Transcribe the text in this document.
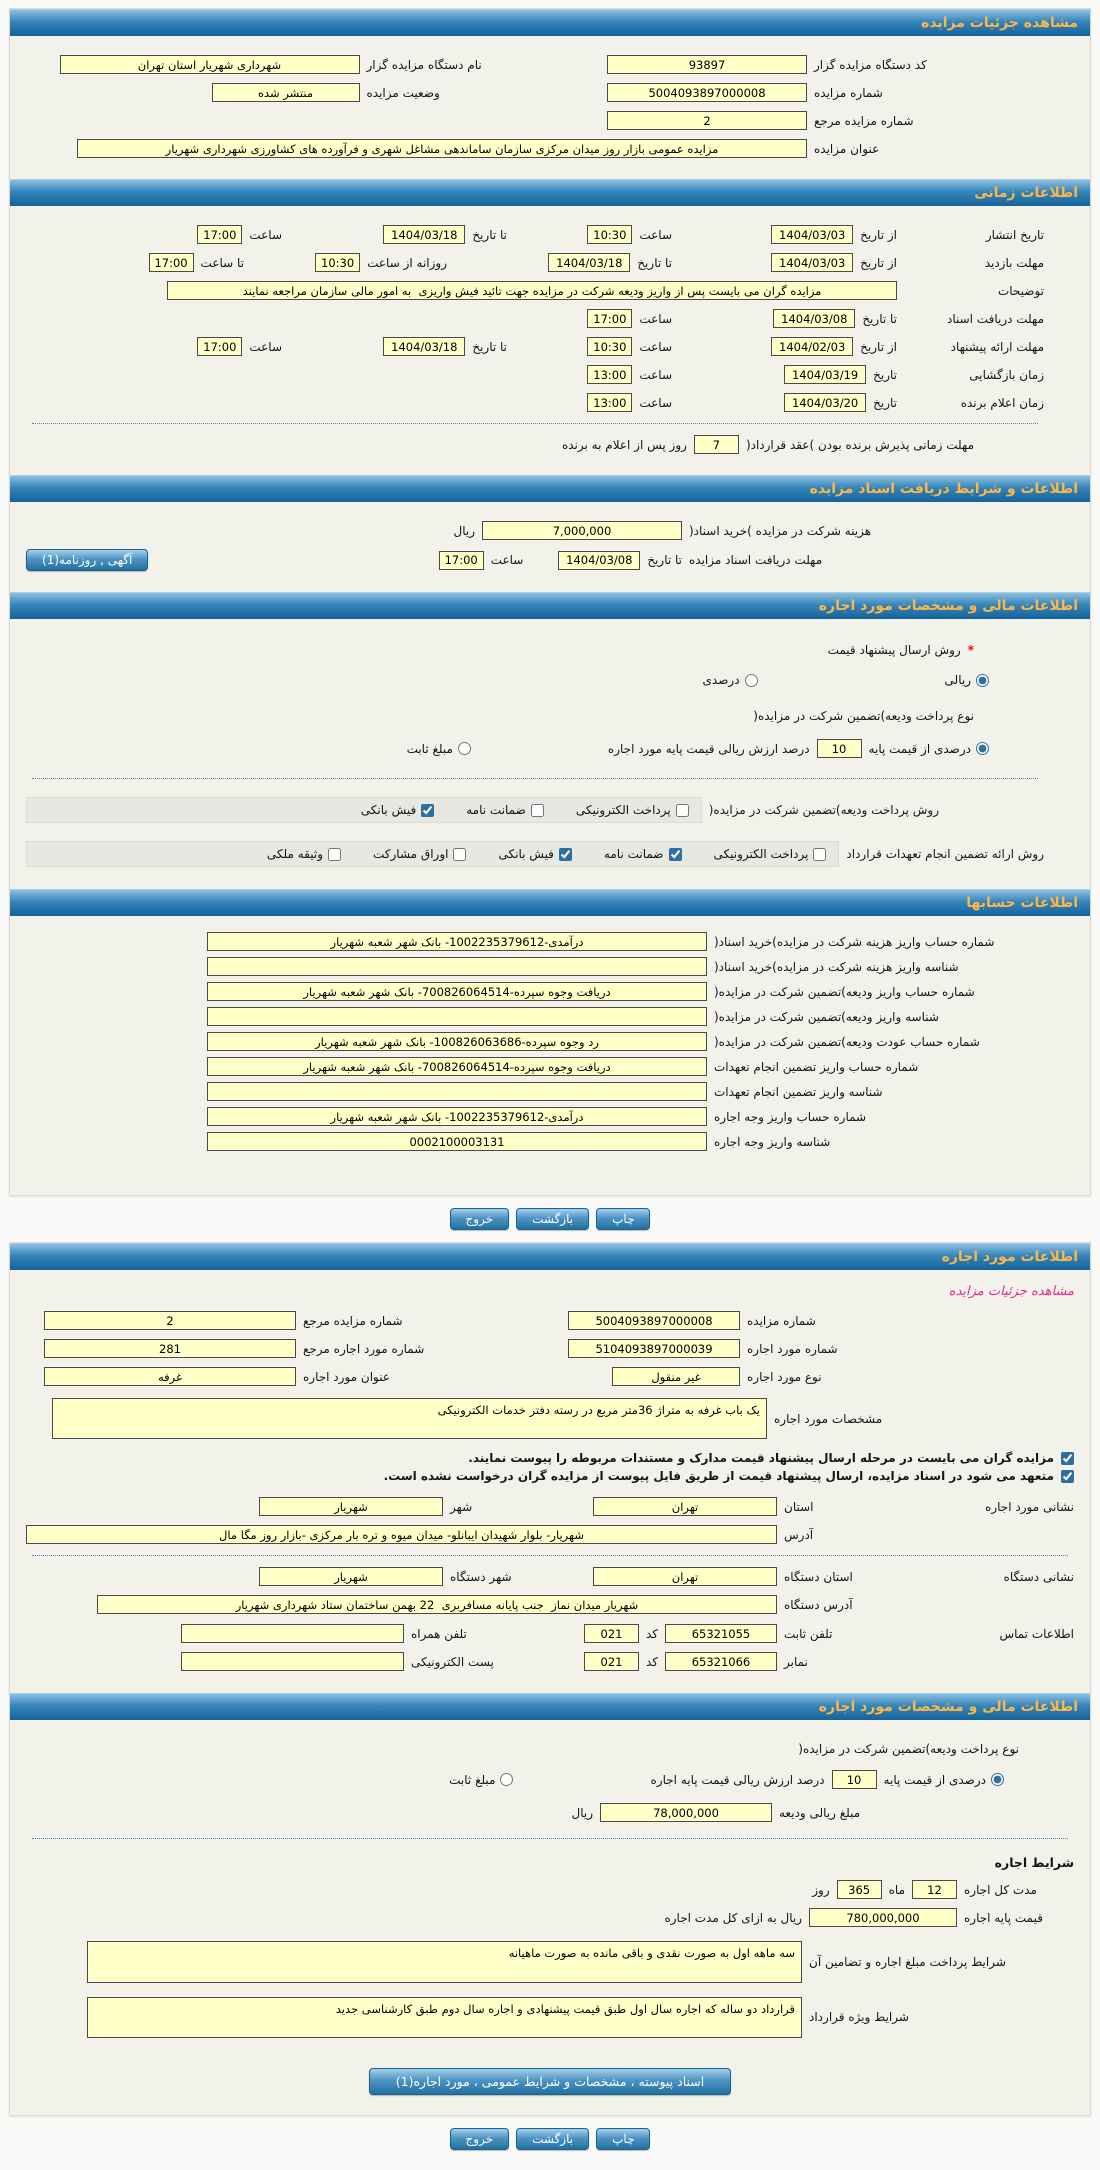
مشاهده جزئیات مزایده
کد دستگاه مزایده گزار
93897
نام دستگاه مزایده گزار
شهرداری شهریار استان تهران
شماره مزایده
5004093897000008
وضعیت مزایده
منتشر شده
شماره مزایده مرجع
2
عنوان مزایده
مزایده عمومی بازار روز میدان مرکزی سازمان ساماندهی مشاغل شهری و فرآورده های کشاورزی شهرداری شهریار
اطلاعات زمانی
تاریخ انتشار
از تاریخ
1404/03/03
ساعت
10:30
تا تاریخ
1404/03/18
ساعت
17:00
مهلت بازدید
از تاریخ
1404/03/03
تا تاریخ
1404/03/18
روزانه از ساعت
10:30
تا ساعت
17:00
توضیحات
مزایده گران می بایست پس از واریز ودیعه شرکت در مزایده جهت تائید فیش واریزی به امور مالی سازمان مراجعه نمایند
مهلت دریافت اسناد
تا تاریخ
1404/03/08
ساعت
17:00
مهلت ارائه پیشنهاد
از تاریخ
1404/02/03
ساعت
10:30
تا تاریخ
1404/03/18
ساعت
17:00
زمان بازگشایی
تاریخ
1404/03/19
ساعت
13:00
زمان اعلام برنده
تاریخ
1404/03/20
ساعت
13:00
مهلت زمانی پذیرش برنده بودن )عقد قرارداد(
7
روز پس از اعلام به برنده
اطلاعات و شرایط دریافت اسناد مزایده
هزینه شرکت در مزایده )خرید اسناد(
7,000,000
ریال
مهلت دریافت اسناد مزایده
تا تاریخ
1404/03/08
ساعت
17:00
آگهی , روزنامه(1)
اطلاعات مالی و مشخصات مورد اجاره
*
روش ارسال پیشنهاد قیمت
ریالی
درصدی
نوع پرداخت ودیعه)تضمین شرکت در مزایده(
درصدی از قیمت پایه
10
درصد ارزش ریالی قیمت پایه مورد اجاره
مبلغ ثابت
روش پرداخت ودیعه)تضمین شرکت در مزایده(
پرداخت الکترونیکی
ضمانت نامه
فیش بانکی
روش ارائه تضمین انجام تعهدات قرارداد
پرداخت الکترونیکی
ضمانت نامه
فیش بانکی
اوراق مشارکت
وثیقه ملکی
اطلاعات حسابها
شماره حساب واریز هزینه شرکت در مزایده)خرید اسناد(
درآمدی-1002235379612- بانک شهر شعبه شهریار
شناسه واریز هزینه شرکت در مزایده)خرید اسناد(
شماره حساب واریز ودیعه)تضمین شرکت در مزایده(
دریافت وجوه سپرده-700826064514- بانک شهر شعبه شهریار
شناسه واریز ودیعه)تضمین شرکت در مزایده(
شماره حساب عودت ودیعه)تضمین شرکت در مزایده(
رد وجوه سپرده-100826063686- بانک شهر شعبه شهریار
شماره حساب واریز تضمین انجام تعهدات
دریافت وجوه سپرده-700826064514- بانک شهر شعبه شهریار
شناسه واریز تضمین انجام تعهدات
شماره حساب واریز وجه اجاره
درآمدی-1002235379612- بانک شهر شعبه شهریار
شناسه واریز وجه اجاره
0002100003131
چاپ
بازگشت
خروج
اطلاعات مورد اجاره
مشاهده جزئیات مزایده
شماره مزایده
5004093897000008
شماره مزایده مرجع
2
شماره مورد اجاره
5104093897000039
شماره مورد اجاره مرجع
281
نوع مورد اجاره
غیر منقول
عنوان مورد اجاره
غرفه
مشخصات مورد اجاره
یک باب غرفه به متراژ 36متر مربع در رسته دفتر خدمات الکترونیکی
مزایده گران می بایست در مرحله ارسال پیشنهاد قیمت مدارک و مستندات مربوطه را پیوست نمایند.
متعهد می شود در اسناد مزایده، ارسال پیشنهاد قیمت از طریق فایل پیوست از مزایده گران درخواست نشده است.
نشانی مورد اجاره
استان
تهران
شهر
شهریار
آدرس
شهریار- بلوار شهیدان ایبانلو- میدان میوه و تره بار مرکزی -بازار روز مگا مال
نشانی دستگاه
استان دستگاه
تهران
شهر دستگاه
شهریار
آدرس دستگاه
شهریار میدان نماز جنب پایانه مسافربری 22 بهمن ساختمان ستاد شهرداری شهریار
اطلاعات تماس
تلفن ثابت
65321055
کد
021
تلفن همراه
نمابر
65321066
کد
021
پست الکترونیکی
اطلاعات مالی و مشخصات مورد اجاره
نوع پرداخت ودیعه)تضمین شرکت در مزایده(
درصدی از قیمت پایه
10
درصد ارزش ریالی قیمت پایه اجاره
مبلغ ثابت
مبلغ ریالی ودیعه
78,000,000
ریال
شرایط اجاره
مدت کل اجاره
12
ماه
365
روز
قیمت پایه اجاره
780,000,000
ریال به ازای کل مدت اجاره
شرایط پرداخت مبلغ اجاره و تضامین آن
سه ماهه اول به صورت نقدی و باقی مانده به صورت ماهیانه
شرایط ویژه قرارداد
قرارداد دو ساله که اجاره سال اول طبق قیمت پیشنهادی و اجاره سال دوم طبق کارشناسی جدید
اسناد پیوسته ، مشخصات و شرایط عمومی ، مورد اجاره(1)
چاپ
بازگشت
خروج
